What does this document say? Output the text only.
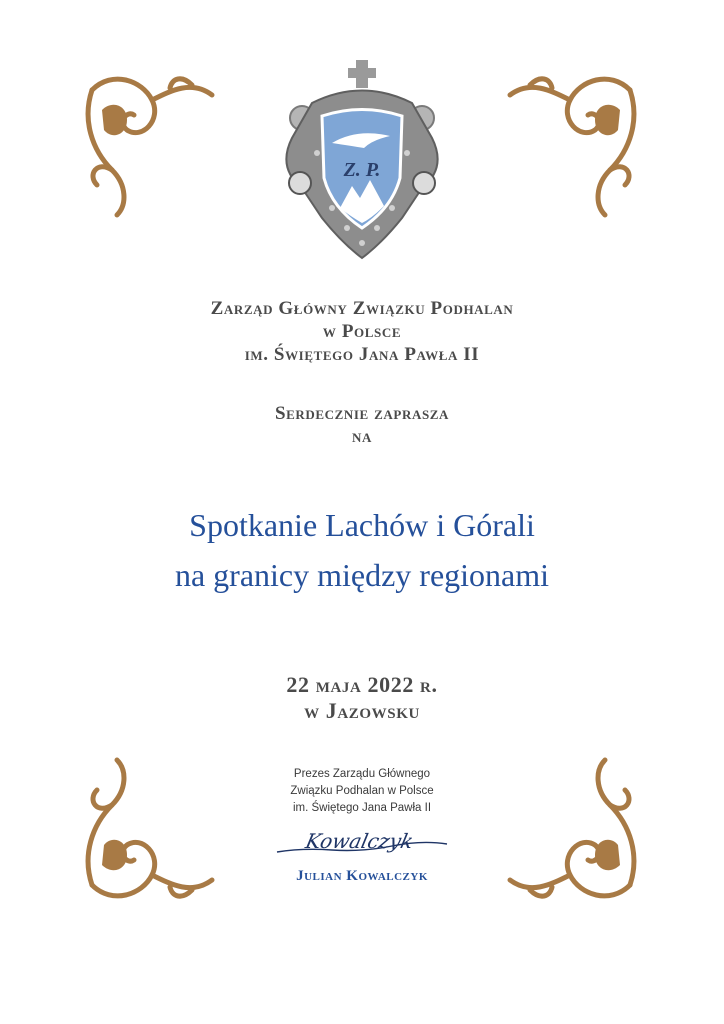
Z. P.
Zarząd Główny Związku Podhalan
w Polsce
im. Świętego Jana Pawła II
Serdecznie zaprasza
na
Spotkanie Lachów i Górali
na granicy między regionami
22 maja 2022 r.
w Jazowsku
Prezes Zarządu Głównego
Związku Podhalan w Polsce
im. Świętego Jana Pawła II
Kowalczyk
Julian Kowalczyk
